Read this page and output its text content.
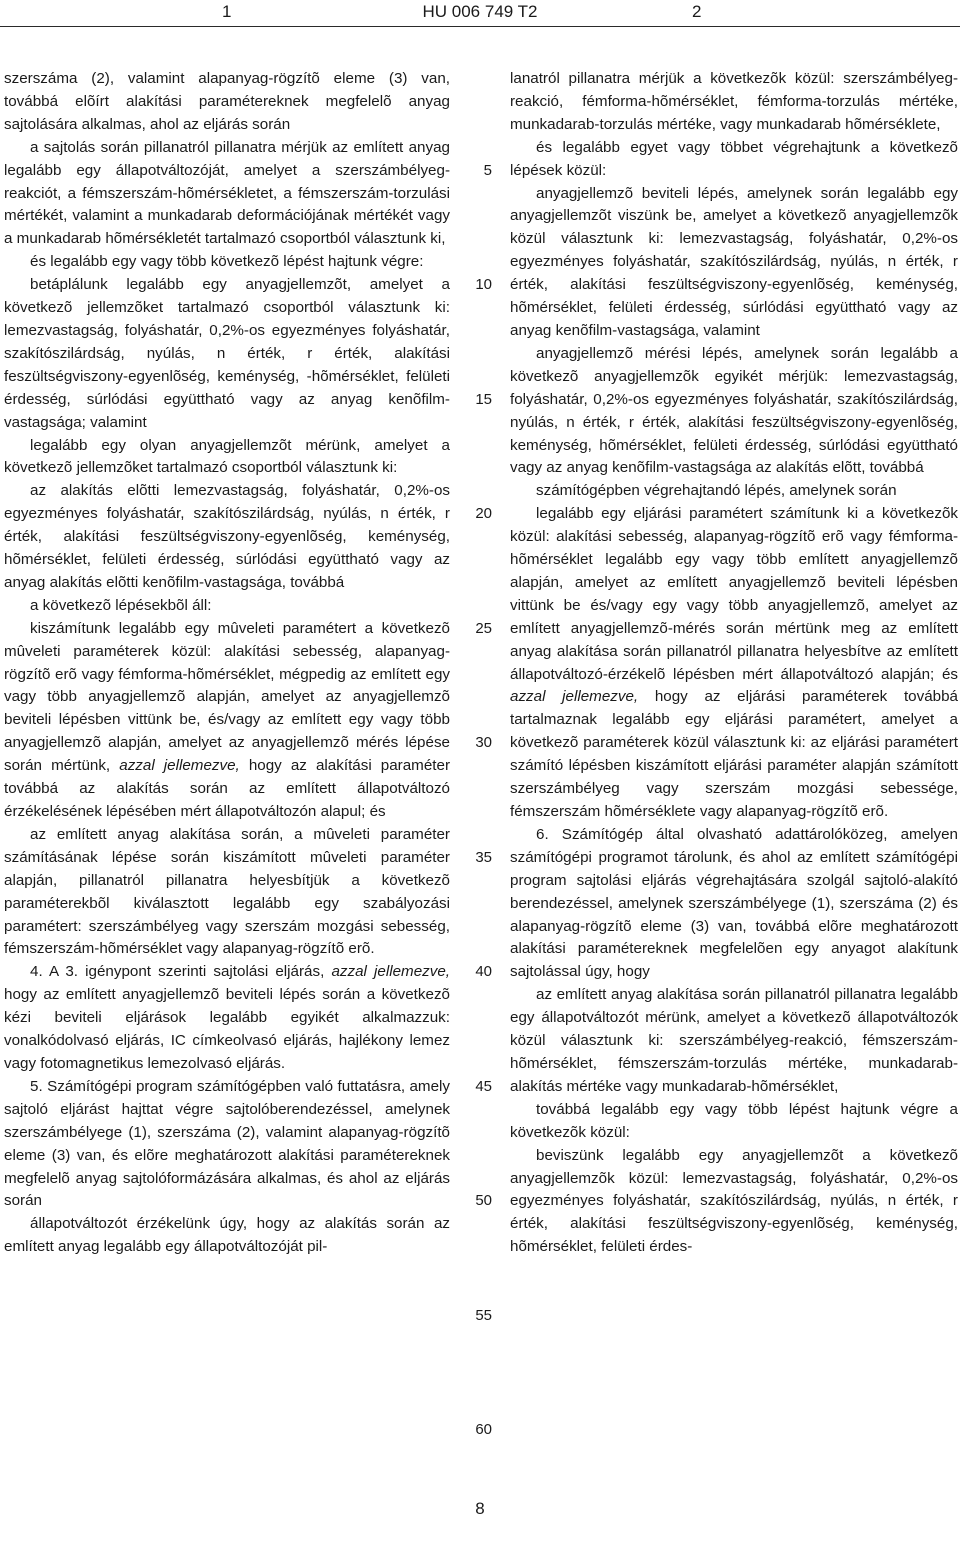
1	HU 006 749 T2	2

szerszáma (2), valamint alapanyag-rögzítõ eleme (3) van, továbbá elõírt alakítási paramétereknek megfelelõ anyag sajtolására alkalmas, ahol az eljárás során

a sajtolás során pillanatról pillanatra mérjük az említett anyag legalább egy állapotváltozóját, amelyet a szerszámbélyeg-reakciót, a fémszerszám-hõmérsékletet, a fémszerszám-torzulási mértékét, valamint a munkadarab deformációjának mértékét vagy a munkadarab hõmérsékletét tartalmazó csoportból választunk ki,

és legalább egy vagy több következõ lépést hajtunk végre:

betáplálunk legalább egy anyagjellemzõt, amelyet a következõ jellemzõket tartalmazó csoportból választunk ki: lemezvastagság, folyáshatár, 0,2%-os egyezményes folyáshatár, szakítószilárdság, nyúlás, n érték, r érték, alakítási feszültségviszony-egyenlõség, keménység, -hõmérséklet, felületi érdesség, súrlódási együttható vagy az anyag kenõfilm-vastagsága; valamint

legalább egy olyan anyagjellemzõt mérünk, amelyet a következõ jellemzõket tartalmazó csoportból választunk ki:

az alakítás elõtti lemezvastagság, folyáshatár, 0,2%-os egyezményes folyáshatár, szakítószilárdság, nyúlás, n érték, r érték, alakítási feszültségviszony-egyenlõség, keménység, hõmérséklet, felületi érdesség, súrlódási együttható vagy az anyag alakítás elõtti kenõfilm-vastagsága, továbbá

a következõ lépésekbõl áll:

kiszámítunk legalább egy mûveleti paramétert a következõ mûveleti paraméterek közül: alakítási sebesség, alapanyag-rögzítõ erõ vagy fémforma-hõmérséklet, mégpedig az említett egy vagy több anyagjellemzõ alapján, amelyet az anyagjellemzõ beviteli lépésben vittünk be, és/vagy az említett egy vagy több anyagjellemzõ alapján, amelyet az anyagjellemzõ mérés lépése során mértünk, azzal jellemezve, hogy az alakítási paraméter továbbá az alakítás során az említett állapotváltozó érzékelésének lépésében mért állapotváltozón alapul; és

az említett anyag alakítása során, a mûveleti paraméter számításának lépése során kiszámított mûveleti paraméter alapján, pillanatról pillanatra helyesbítjük a következõ paraméterekbõl kiválasztott legalább egy szabályozási paramétert: szerszámbélyeg vagy szerszám mozgási sebesség, fémszerszám-hõmérséklet vagy alapanyag-rögzítõ erõ.

4. A 3. igénypont szerinti sajtolási eljárás, azzal jellemezve, hogy az említett anyagjellemzõ beviteli lépés során a következõ kézi beviteli eljárások legalább egyikét alkalmazzuk: vonalkódolvasó eljárás, IC címkeolvasó eljárás, hajlékony lemez vagy fotomagnetikus lemezolvasó eljárás.

5. Számítógépi program számítógépben való futtatásra, amely sajtoló eljárást hajttat végre sajtolóberendezéssel, amelynek szerszámbélyege (1), szerszáma (2), valamint alapanyag-rögzítõ eleme (3) van, és elõre meghatározott alakítási paramétereknek megfelelõ anyag sajtolóformázására alkalmas, és ahol az eljárás során

állapotváltozót érzékelünk úgy, hogy az alakítás során az említett anyag legalább egy állapotváltozóját pil-

5
10
15
20
25
30
35
40
45
50
55
60

lanatról pillanatra mérjük a következõk közül: szerszámbélyeg-reakció, fémforma-hõmérséklet, fémforma-torzulás mértéke, munkadarab-torzulás mértéke, vagy munkadarab hõmérséklete,

és legalább egyet vagy többet végrehajtunk a következõ lépések közül:

anyagjellemzõ beviteli lépés, amelynek során legalább egy anyagjellemzõt viszünk be, amelyet a következõ anyagjellemzõk közül választunk ki: lemezvastagság, folyáshatár, 0,2%-os egyezményes folyáshatár, szakítószilárdság, nyúlás, n érték, r érték, alakítási feszültségviszony-egyenlõség, keménység, hõmérséklet, felületi érdesség, súrlódási együttható vagy az anyag kenõfilm-vastagsága, valamint

anyagjellemzõ mérési lépés, amelynek során legalább a következõ anyagjellemzõk egyikét mérjük: lemezvastagság, folyáshatár, 0,2%-os egyezményes folyáshatár, szakítószilárdság, nyúlás, n érték, r érték, alakítási feszültségviszony-egyenlõség, keménység, hõmérséklet, felületi érdesség, súrlódási együttható vagy az anyag kenõfilm-vastagsága az alakítás elõtt, továbbá

számítógépben végrehajtandó lépés, amelynek során

legalább egy eljárási paramétert számítunk ki a következõk közül: alakítási sebesség, alapanyag-rögzítõ erõ vagy fémforma-hõmérséklet legalább egy vagy több említett anyagjellemzõ alapján, amelyet az említett anyagjellemzõ beviteli lépésben vittünk be és/vagy egy vagy több anyagjellemzõ, amelyet az említett anyagjellemzõ-mérés során mértünk meg az említett anyag alakítása során pillanatról pillanatra helyesbítve az említett állapotváltozó-érzékelõ lépésben mért állapotváltozó alapján; és azzal jellemezve, hogy az eljárási paraméterek továbbá tartalmaznak legalább egy eljárási paramétert, amelyet a következõ paraméterek közül választunk ki: az eljárási paramétert számító lépésben kiszámított eljárási paraméter alapján számított szerszámbélyeg vagy szerszám mozgási sebessége, fémszerszám hõmérséklete vagy alapanyag-rögzítõ erõ.

6. Számítógép által olvasható adattárolóközeg, amelyen számítógépi programot tárolunk, és ahol az említett számítógépi program sajtolási eljárás végrehajtására szolgál sajtoló-alakító berendezéssel, amelynek szerszámbélyege (1), szerszáma (2) és alapanyag-rögzítõ eleme (3) van, továbbá elõre meghatározott alakítási paramétereknek megfelelõen egy anyagot alakítunk sajtolással úgy, hogy

az említett anyag alakítása során pillanatról pillanatra legalább egy állapotváltozót mérünk, amelyet a következõ állapotváltozók közül választunk ki: szerszámbélyeg-reakció, fémszerszám-hõmérséklet, fémszerszám-torzulás mértéke, munkadarab-alakítás mértéke vagy munkadarab-hõmérséklet,

továbbá legalább egy vagy több lépést hajtunk végre a következõk közül:

beviszünk legalább egy anyagjellemzõt a következõ anyagjellemzõk közül: lemezvastagság, folyáshatár, 0,2%-os egyezményes folyáshatár, szakítószilárdság, nyúlás, n érték, r érték, alakítási feszültségviszony-egyenlõség, keménység, hõmérséklet, felületi érdes-

8
